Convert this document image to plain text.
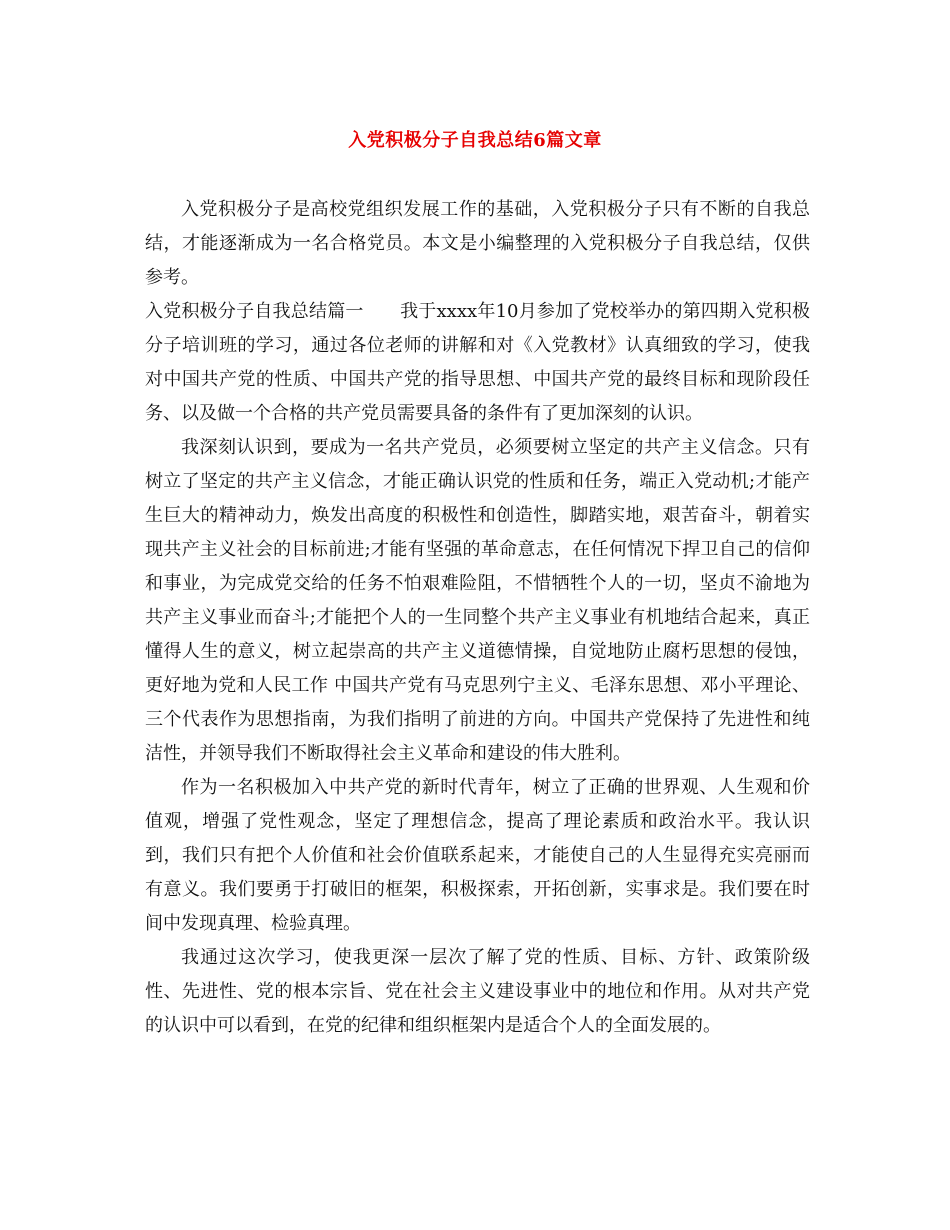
入党积极分子自我总结6篇文章

入党积极分子是高校党组织发展工作的基础，入党积极分子只有不断的自我总结，才能逐渐成为一名合格党员。本文是小编整理的入党积极分子自我总结，仅供参考。

入党积极分子自我总结篇一　　我于xxxx年10月参加了党校举办的第四期入党积极分子培训班的学习，通过各位老师的讲解和对《入党教材》认真细致的学习，使我对中国共产党的性质、中国共产党的指导思想、中国共产党的最终目标和现阶段任务、以及做一个合格的共产党员需要具备的条件有了更加深刻的认识。

我深刻认识到，要成为一名共产党员，必须要树立坚定的共产主义信念。只有树立了坚定的共产主义信念，才能正确认识党的性质和任务，端正入党动机;才能产生巨大的精神动力，焕发出高度的积极性和创造性，脚踏实地，艰苦奋斗，朝着实现共产主义社会的目标前进;才能有坚强的革命意志，在任何情况下捍卫自己的信仰和事业，为完成党交给的任务不怕艰难险阻，不惜牺牲个人的一切，坚贞不渝地为共产主义事业而奋斗;才能把个人的一生同整个共产主义事业有机地结合起来，真正懂得人生的意义，树立起崇高的共产主义道德情操，自觉地防止腐朽思想的侵蚀，更好地为党和人民工作 中国共产党有马克思列宁主义、毛泽东思想、邓小平理论、三个代表作为思想指南，为我们指明了前进的方向。中国共产党保持了先进性和纯洁性，并领导我们不断取得社会主义革命和建设的伟大胜利。

作为一名积极加入中共产党的新时代青年，树立了正确的世界观、人生观和价值观，增强了党性观念，坚定了理想信念，提高了理论素质和政治水平。我认识到，我们只有把个人价值和社会价值联系起来，才能使自己的人生显得充实亮丽而有意义。我们要勇于打破旧的框架，积极探索，开拓创新，实事求是。我们要在时间中发现真理、检验真理。

我通过这次学习，使我更深一层次了解了党的性质、目标、方针、政策阶级性、先进性、党的根本宗旨、党在社会主义建设事业中的地位和作用。从对共产党的认识中可以看到，在党的纪律和组织框架内是适合个人的全面发展的。
